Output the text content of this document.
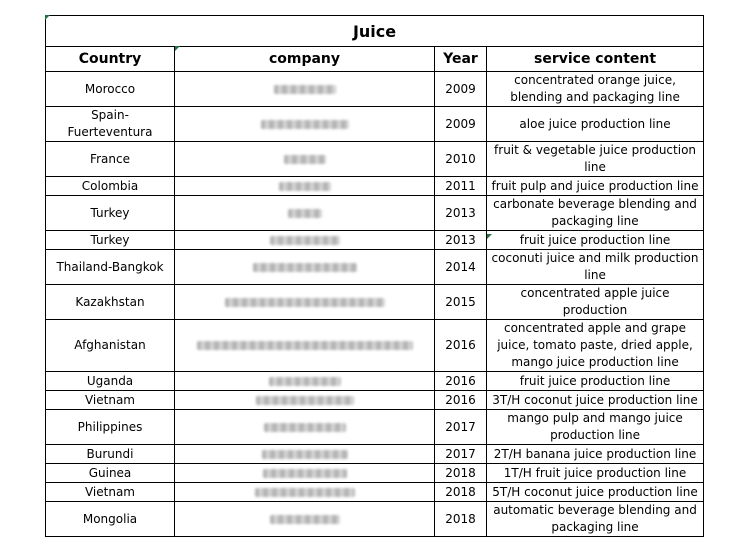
Juice			
Country	company	Year	service content
Morocco		2009	concentrated orange juice, blending and packaging line
Spain-Fuerteventura		2009	aloe juice production line
France		2010	fruit & vegetable juice production line
Colombia		2011	fruit pulp and juice production line
Turkey		2013	carbonate beverage blending and packaging line
Turkey		2013	fruit juice production line
Thailand-Bangkok		2014	coconuti juice and milk production line
Kazakhstan		2015	concentrated apple juice production
Afghanistan		2016	concentrated apple and grape juice, tomato paste, dried apple, mango juice production line
Uganda		2016	fruit juice production line
Vietnam		2016	3T/H coconut juice production line
Philippines		2017	mango pulp and mango juice production line
Burundi		2017	2T/H banana juice production line
Guinea		2018	1T/H fruit juice production line
Vietnam		2018	5T/H coconut juice production line
Mongolia		2018	automatic beverage blending and packaging line
